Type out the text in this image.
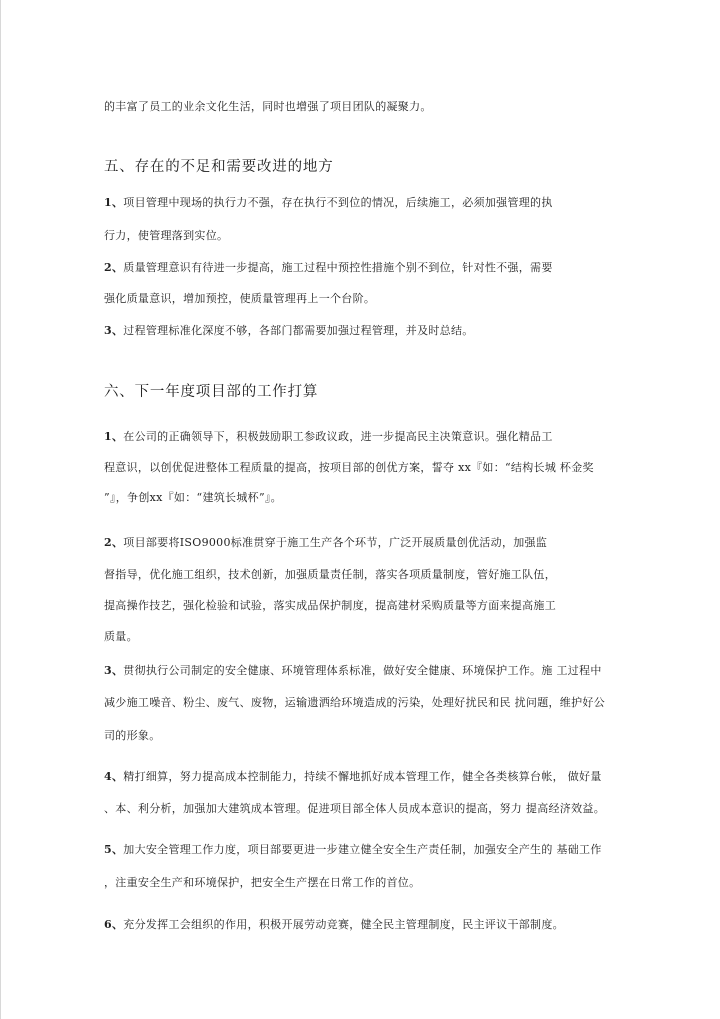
的丰富了员工的业余文化生活，同时也增强了项目团队的凝聚力。
五、存在的不足和需要改进的地方
1、项目管理中现场的执行力不强，存在执行不到位的情况，后续施工，必须加强管理的执
行力，使管理落到实位。
2、质量管理意识有待进一步提高，施工过程中预控性措施个别不到位，针对性不强，需要
强化质量意识，增加预控，使质量管理再上一个台阶。
3、过程管理标准化深度不够，各部门都需要加强过程管理，并及时总结。
六、下一年度项目部的工作打算
1、在公司的正确领导下，积极鼓励职工参政议政，进一步提高民主决策意识。强化精品工
程意识，以创优促进整体工程质量的提高，按项目部的创优方案，誓夺 xx『如：“结构长城 杯金奖
”』，争创xx『如：“建筑长城杯”』。
2、项目部要将ISO9000标准贯穿于施工生产各个环节，广泛开展质量创优活动，加强监
督指导，优化施工组织，技术创新，加强质量责任制，落实各项质量制度，管好施工队伍，
提高操作技艺，强化检验和试验，落实成品保护制度，提高建材采购质量等方面来提高施工
质量。
3、贯彻执行公司制定的安全健康、环境管理体系标准，做好安全健康、环境保护工作。施 工过程中
减少施工噪音、粉尘、废气、废物，运输遗洒给环境造成的污染，处理好扰民和民 扰问题，维护好公
司的形象。
4、精打细算，努力提高成本控制能力，持续不懈地抓好成本管理工作，健全各类核算台帐， 做好量
、本、利分析，加强加大建筑成本管理。促进项目部全体人员成本意识的提高，努力 提高经济效益。
5、加大安全管理工作力度，项目部要更进一步建立健全安全生产责任制，加强安全产生的 基础工作
，注重安全生产和环境保护，把安全生产摆在日常工作的首位。
6、充分发挥工会组织的作用，积极开展劳动竞赛，健全民主管理制度，民主评议干部制度。
